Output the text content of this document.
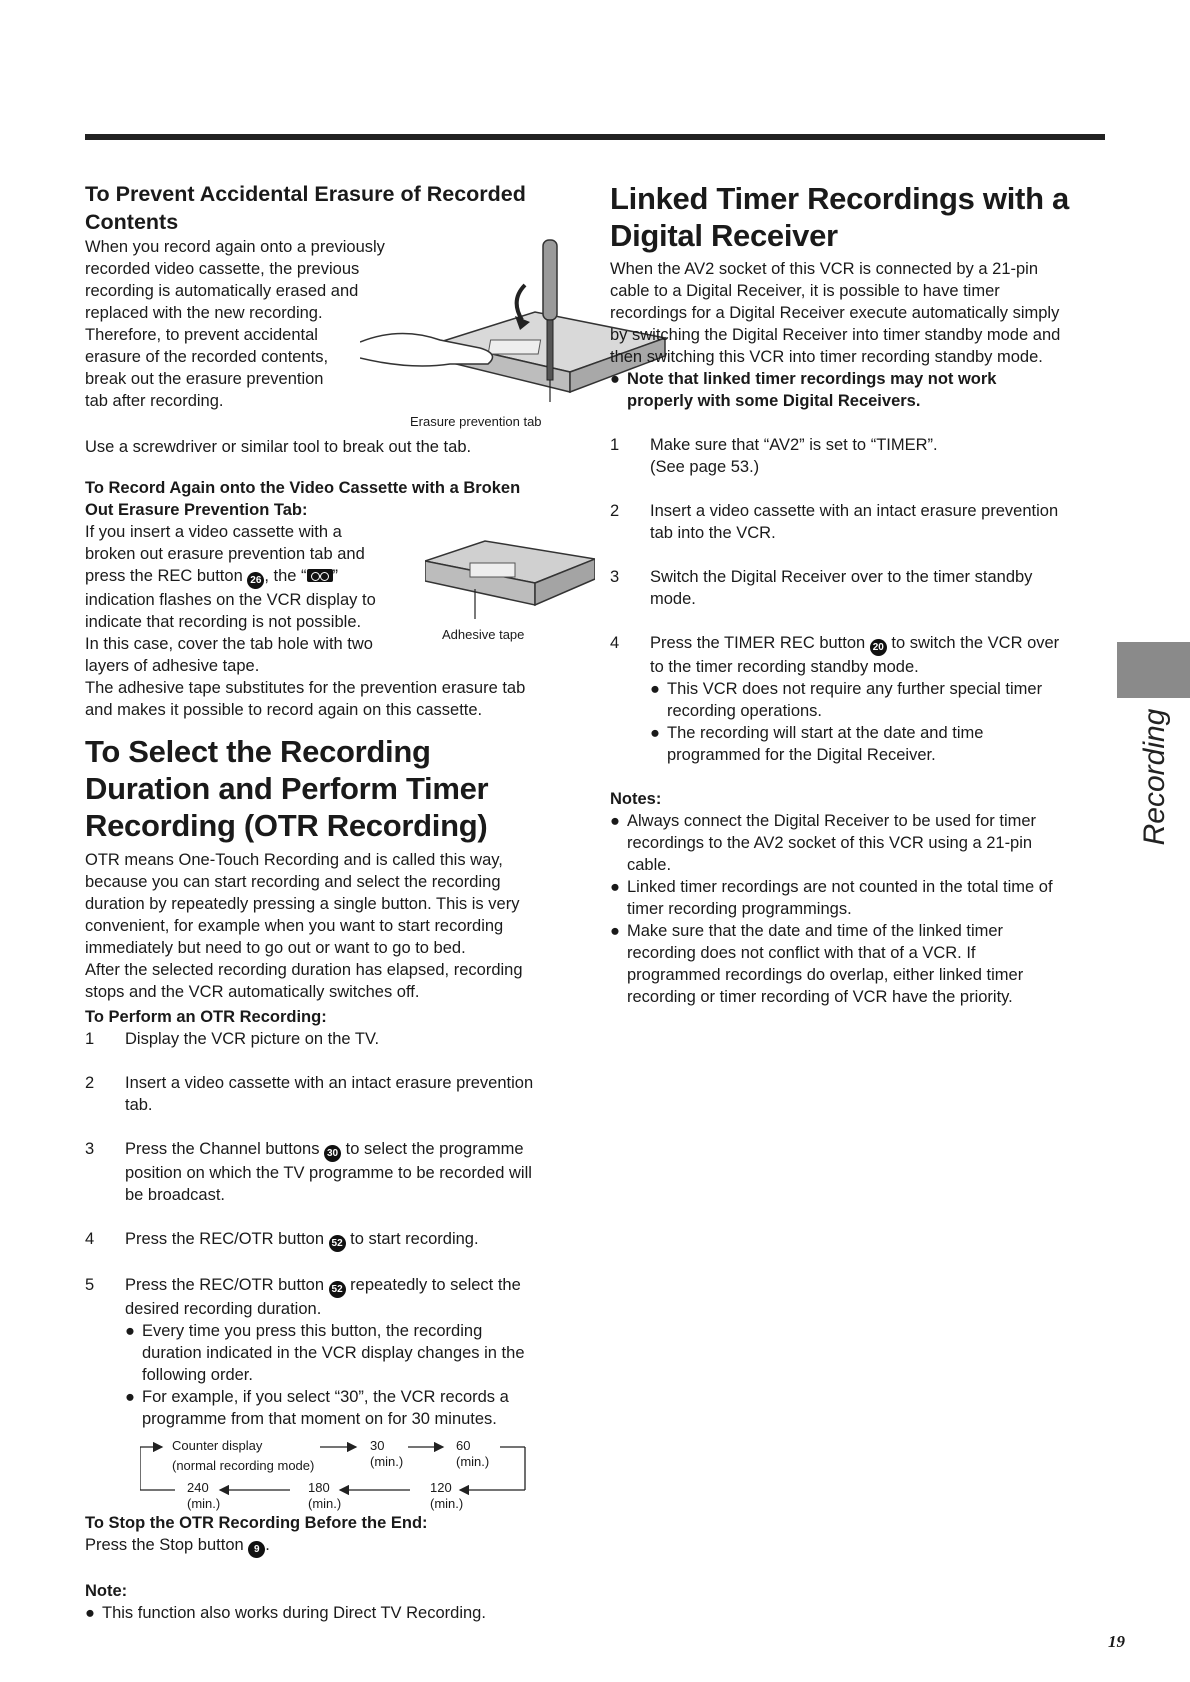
To Prevent Accidental Erasure of Recorded Contents
When you record again onto a previously
recorded video cassette, the previous
recording is automatically erased and
replaced with the new recording.
Therefore, to prevent accidental
erasure of the recorded contents,
break out the erasure prevention
tab after recording.
Erasure prevention tab
Use a screwdriver or similar tool to break out the tab.
To Record Again onto the Video Cassette with a Broken
Out Erasure Prevention Tab:
If you insert a video cassette with a
broken out erasure prevention tab and
press the REC button 26 , the “ ”
indication flashes on the VCR display to
indicate that recording is not possible.
In this case, cover the tab hole with two
layers of adhesive tape.
Adhesive tape
The adhesive tape substitutes for the prevention erasure tab
and makes it possible to record again on this cassette.
To Select the Recording
Duration and Perform Timer
Recording (OTR Recording)
OTR means One-Touch Recording and is called this way,
because you can start recording and select the recording
duration by repeatedly pressing a single button. This is very
convenient, for example when you want to start recording
immediately but need to go out or want to go to bed.
After the selected recording duration has elapsed, recording
stops and the VCR automatically switches off.
To Perform an OTR Recording:
1	Display the VCR picture on the TV.
2	Insert a video cassette with an intact erasure prevention
tab.
3	Press the Channel buttons 30 to select the programme
position on which the TV programme to be recorded will
be broadcast.
4	Press the REC/OTR button 52 to start recording.
5	Press the REC/OTR button 52 repeatedly to select the
desired recording duration.
● Every time you press this button, the recording
duration indicated in the VCR display changes in the
following order.
● For example, if you select “30”, the VCR records a
programme from that moment on for 30 minutes.
Counter display
(normal recording mode)
30
(min.)
60
(min.)
120
(min.)
180
(min.)
240
(min.)
To Stop the OTR Recording Before the End:
Press the Stop button 9 .
Note:
● This function also works during Direct TV Recording.
Linked Timer Recordings with a
Digital Receiver
When the AV2 socket of this VCR is connected by a 21-pin
cable to a Digital Receiver, it is possible to have timer
recordings for a Digital Receiver execute automatically simply
by switching the Digital Receiver into timer standby mode and
then switching this VCR into timer recording standby mode.
● Note that linked timer recordings may not work
properly with some Digital Receivers.
1	Make sure that “AV2” is set to “TIMER”.
(See page 53.)
2	Insert a video cassette with an intact erasure prevention
tab into the VCR.
3	Switch the Digital Receiver over to the timer standby
mode.
4	Press the TIMER REC button 20 to switch the VCR over
to the timer recording standby mode.
● This VCR does not require any further special timer
recording operations.
● The recording will start at the date and time
programmed for the Digital Receiver.
Notes:
● Always connect the Digital Receiver to be used for timer
recordings to the AV2 socket of this VCR using a 21-pin
cable.
● Linked timer recordings are not counted in the total time of
timer recording programmings.
● Make sure that the date and time of the linked timer
recording does not conflict with that of a VCR. If
programmed recordings do overlap, either linked timer
recording or timer recording of VCR have the priority.
Recording
19
